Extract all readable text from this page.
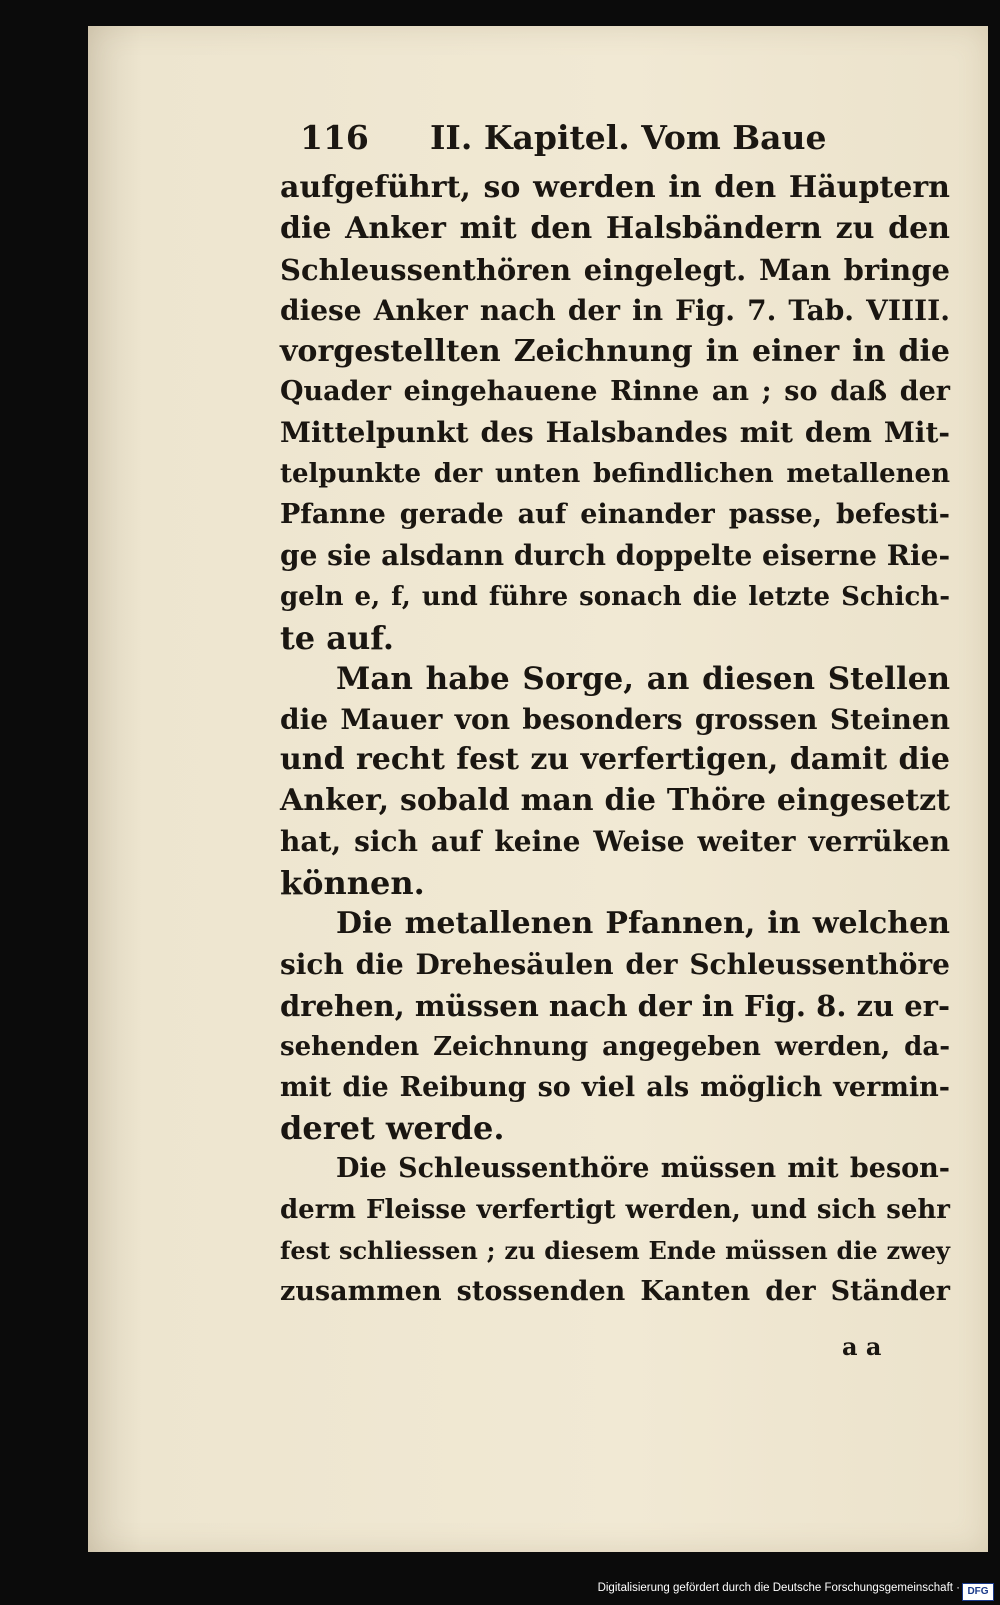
116 II. Kapitel. Vom Baue
aufgeführt, so werden in den Häuptern
die Anker mit den Halsbändern zu den
Schleussenthören eingelegt. Man bringe
diese Anker nach der in Fig. 7. Tab. VIIII.
vorgestellten Zeichnung in einer in die
Quader eingehauene Rinne an ; so daß der
Mittelpunkt des Halsbandes mit dem Mit-
telpunkte der unten befindlichen metallenen
Pfanne gerade auf einander passe, befesti-
ge sie alsdann durch doppelte eiserne Rie-
geln e, f, und führe sonach die letzte Schich-
te auf.
Man habe Sorge, an diesen Stellen
die Mauer von besonders grossen Steinen
und recht fest zu verfertigen, damit die
Anker, sobald man die Thöre eingesetzt
hat, sich auf keine Weise weiter verrüken
können.
Die metallenen Pfannen, in welchen
sich die Drehesäulen der Schleussenthöre
drehen, müssen nach der in Fig. 8. zu er-
sehenden Zeichnung angegeben werden, da-
mit die Reibung so viel als möglich vermin-
deret werde.
Die Schleussenthöre müssen mit beson-
derm Fleisse verfertigt werden, und sich sehr
fest schliessen ; zu diesem Ende müssen die zwey
zusammen stossenden Kanten der Ständer
a a
Digitalisierung gefördert durch die Deutsche Forschungsgemeinschaft · DFG
